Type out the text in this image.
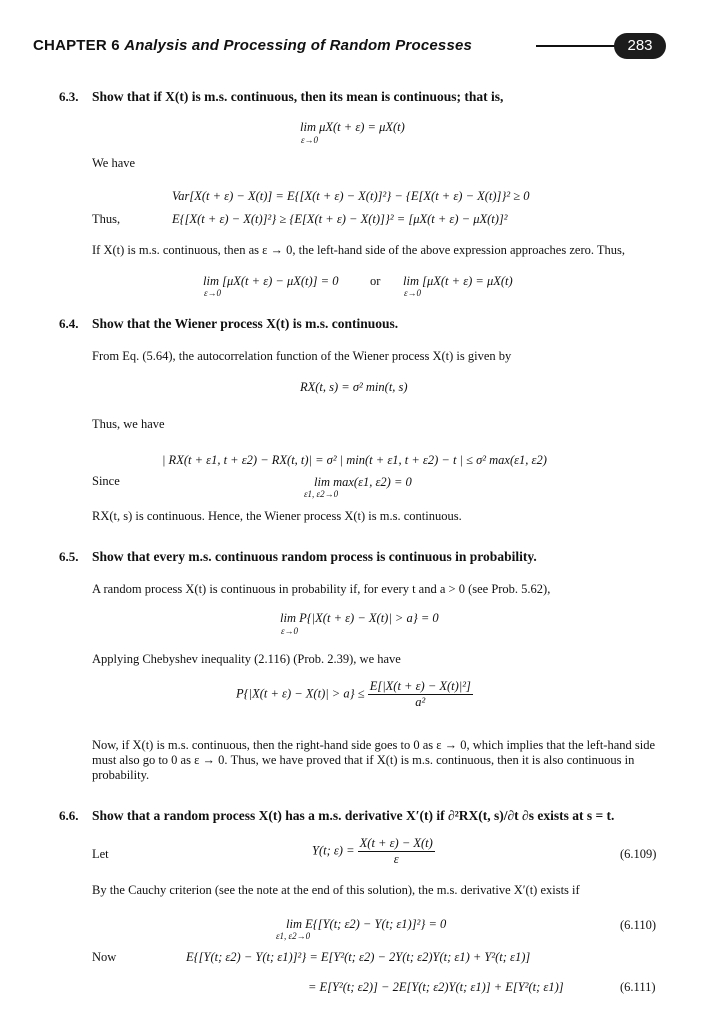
CHAPTER 6 Analysis and Processing of Random Processes	283
6.3. Show that if X(t) is m.s. continuous, then its mean is continuous; that is,
lim μX(t + ε) = μX(t)
ε→0
We have
Var[X(t + ε) − X(t)] = E{[X(t + ε) − X(t)]²} − {E[X(t + ε) − X(t)]}² ≥ 0
Thus,	E{[X(t + ε) − X(t)]²} ≥ {E[X(t + ε) − X(t)]}² = [μX(t + ε) − μX(t)]²
If X(t) is m.s. continuous, then as ε → 0, the left-hand side of the above expression approaches zero. Thus,
lim [μX(t + ε) − μX(t)] = 0
ε→0
or lim [μX(t + ε) = μX(t)
ε→0
6.4. Show that the Wiener process X(t) is m.s. continuous.
From Eq. (5.64), the autocorrelation function of the Wiener process X(t) is given by
RX(t, s) = σ² min(t, s)
Thus, we have
| RX(t + ε1, t + ε2) − RX(t, t)| = σ² | min(t + ε1, t + ε2) − t | ≤ σ² max(ε1, ε2)
Since	lim max(ε1, ε2) = 0
ε1, ε2→0
RX(t, s) is continuous. Hence, the Wiener process X(t) is m.s. continuous.
6.5. Show that every m.s. continuous random process is continuous in probability.
A random process X(t) is continuous in probability if, for every t and a > 0 (see Prob. 5.62),
lim P{|X(t + ε) − X(t)| > a} = 0
ε→0
Applying Chebyshev inequality (2.116) (Prob. 2.39), we have
$P\{|X(t + \varepsilon) - X(t)| > a\} \le \frac{\text{E[|X(t + ε) − X(t)|²]}}{\text{a²}}$
Now, if X(t) is m.s. continuous, then the right-hand side goes to 0 as ε → 0, which implies that the left-hand side
must also go to 0 as ε → 0. Thus, we have proved that if X(t) is m.s. continuous, then it is also continuous in
probability.
6.6. Show that a random process X(t) has a m.s. derivative X′(t) if ∂²RX(t, s)/∂t ∂s exists at s = t.
Let	Y(t; $\varepsilon) = \frac{X(t + \varepsilon) - X(t)}{\varepsilon}$	(6.109)
By the Cauchy criterion (see the note at the end of this solution), the m.s. derivative X′(t) exists if
lim E{[Y(t; ε2) − Y(t; ε1)]²} = 0
ε1, ε2→0
(6.110)
Now	E{[Y(t; ε2) − Y(t; ε1)]²} = E[Y²(t; ε2) − 2Y(t; ε2)Y(t; ε1) + Y²(t; ε1)]
= E[Y²(t; ε2)] − 2E[Y(t; ε2)Y(t; ε1)] + E[Y²(t; ε1)]	(6.111)
